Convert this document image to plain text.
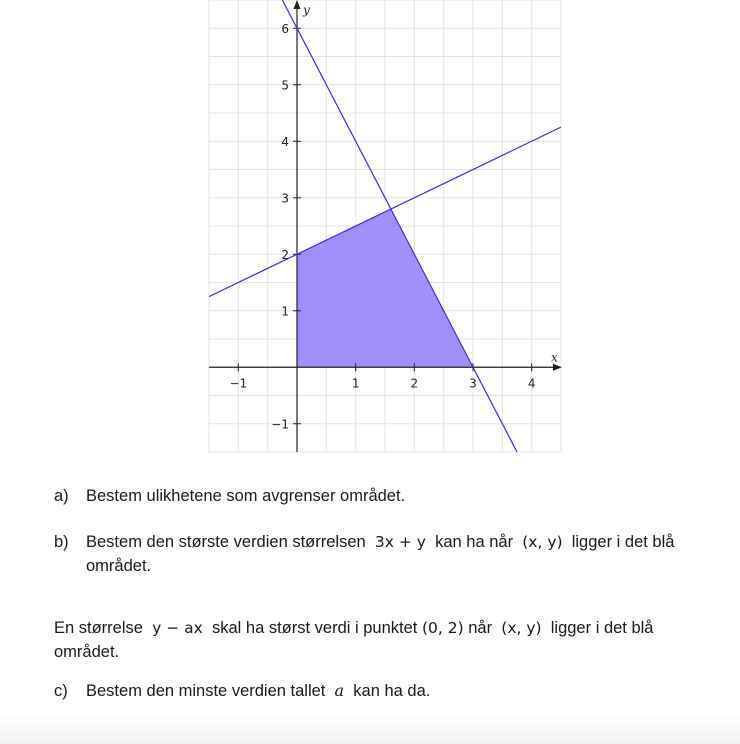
x
y
−1	1	2	3	4
−1
1
2
3
4
5
6
a) Bestem ulikhetene som avgrenser området.
b) Bestem den største verdien størrelsen 3x + y kan ha når (x, y) ligger i det blå området.
En størrelse y − ax skal ha størst verdi i punktet (0, 2) når (x, y) ligger i det blå området.
c) Bestem den minste verdien tallet a kan ha da.
